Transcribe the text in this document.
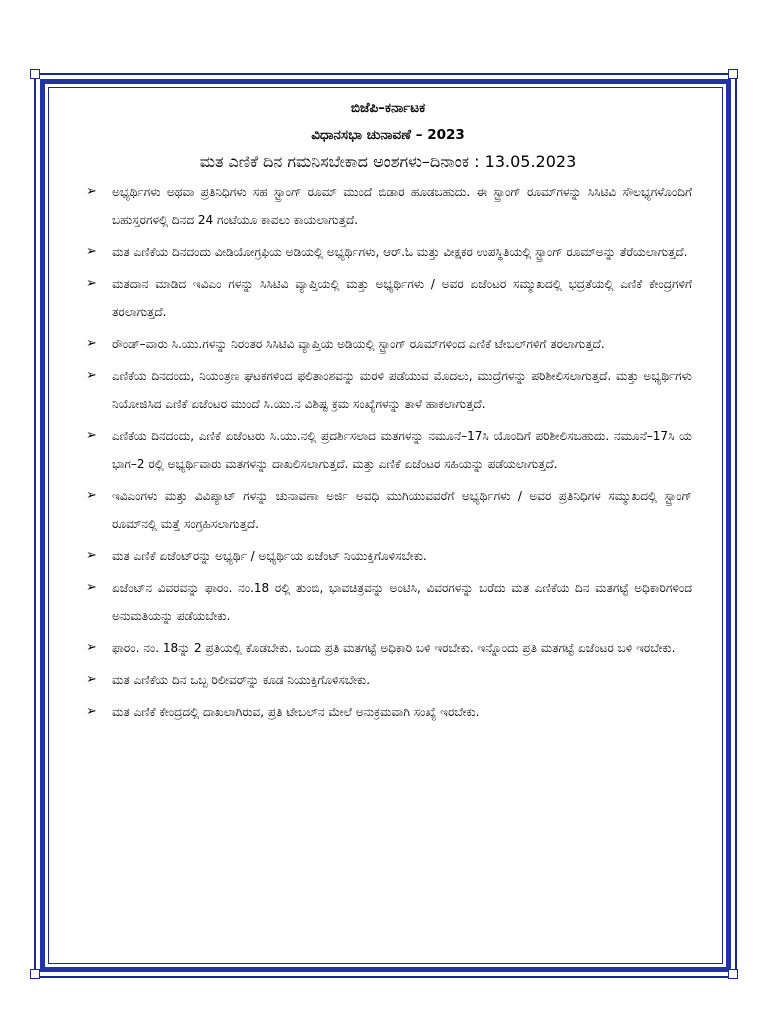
ಬಿಜೆಪಿ–ಕರ್ನಾಟಕ
ವಿಧಾನಸಭಾ ಚುನಾವಣೆ – 2023
ಮತ ಎಣಿಕೆ ದಿನ ಗಮನಿಸಬೇಕಾದ ಅಂಶಗಳು–ದಿನಾಂಕ : 13.05.2023
➢ ಅಭ್ಯರ್ಥಿಗಳು ಅಥವಾ ಪ್ರತಿನಿಧಿಗಳು ಸಹ ಸ್ಟ್ರಾಂಗ್ ರೂಮ್ ಮುಂದೆ ಬಿಡಾರ ಹೂಡಬಹುದು. ಈ ಸ್ಟ್ರಾಂಗ್ ರೂಮ್‌ಗಳನ್ನು ಸಿಸಿಟಿವಿ ಸೌಲಭ್ಯಗಳೊಂದಿಗೆ ಬಹುಸ್ತರಗಳಲ್ಲಿ ದಿನದ 24 ಗಂಟೆಯೂ ಕಾವಲು ಕಾಯಲಾಗುತ್ತದೆ.
➢ ಮತ ಎಣಿಕೆಯ ದಿನದಂದು ವೀಡಿಯೋಗ್ರಫಿಯ ಅಡಿಯಲ್ಲಿ ಅಭ್ಯರ್ಥಿಗಳು, ಆರ್.ಓ ಮತ್ತು ವೀಕ್ಷಕರ ಉಪಸ್ಥಿತಿಯಲ್ಲಿ ಸ್ಟ್ರಾಂಗ್ ರೂಮ್‌ಅನ್ನು ತೆರೆಯಲಾಗುತ್ತದೆ.
➢ ಮತದಾನ ಮಾಡಿದ ಇವಿಎಂ ಗಳನ್ನು ಸಿಸಿಟಿವಿ ವ್ಯಾಪ್ತಿಯಲ್ಲಿ ಮತ್ತು ಅಭ್ಯರ್ಥಿಗಳು / ಅವರ ಏಜೆಂಟರ ಸಮ್ಮುಖದಲ್ಲಿ ಭದ್ರತೆಯಲ್ಲಿ ಎಣಿಕೆ ಕೇಂದ್ರಗಳಿಗೆ ತರಲಾಗುತ್ತದೆ.
➢ ರೌಂಡ್–ವಾರು ಸಿ.ಯು.ಗಳನ್ನು ನಿರಂತರ ಸಿಸಿಟಿವಿ ವ್ಯಾಪ್ತಿಯ ಅಡಿಯಲ್ಲಿ ಸ್ಟ್ರಾಂಗ್ ರೂಮ್‌ಗಳಿಂದ ಎಣಿಕೆ ಟೇಬಲ್‌ಗಳಿಗೆ ತರಲಾಗುತ್ತದೆ.
➢ ಎಣಿಕೆಯ ದಿನದಂದು, ನಿಯಂತ್ರಣ ಘಟಕಗಳಿಂದ ಫಲಿತಾಂಶವನ್ನು ಮರಳಿ ಪಡೆಯುವ ಮೊದಲು, ಮುದ್ರೆಗಳನ್ನು ಪರಿಶೀಲಿಸಲಾಗುತ್ತದೆ. ಮತ್ತು ಅಭ್ಯರ್ಥಿಗಳು ನಿಯೋಜಿಸಿದ ಎಣಿಕೆ ಏಜೆಂಟರ ಮುಂದೆ ಸಿ.ಯು.ನ ವಿಶಿಷ್ಟ ಕ್ರಮ ಸಂಖ್ಯೆಗಳನ್ನು ತಾಳೆ ಹಾಕಲಾಗುತ್ತದೆ.
➢ ಎಣಿಕೆಯ ದಿನದಂದು, ಎಣಿಕೆ ಏಜೆಂಟರು ಸಿ.ಯು.ನಲ್ಲಿ ಪ್ರದರ್ಶಿಸಲಾದ ಮತಗಳನ್ನು ನಮೂನೆ–17ಸಿ ಯೊಂದಿಗೆ ಪರಿಶೀಲಿಸಬಹುದು. ನಮೂನೆ–17ಸಿ ಯ ಭಾಗ–2 ರಲ್ಲಿ ಅಭ್ಯರ್ಥಿವಾರು ಮತಗಳನ್ನು ದಾಖಲಿಸಲಾಗುತ್ತದೆ. ಮತ್ತು ಎಣಿಕೆ ಏಜೆಂಟರ ಸಹಿಯನ್ನು ಪಡೆಯಲಾಗುತ್ತದೆ.
➢ ಇವಿಎಂಗಳು ಮತ್ತು ವಿವಿಪ್ಯಾಟ್ ಗಳನ್ನು ಚುನಾವಣಾ ಅರ್ಜಿ ಅವಧಿ ಮುಗಿಯುವವರೆಗೆ ಅಭ್ಯರ್ಥಿಗಳು / ಅವರ ಪ್ರತಿನಿಧಿಗಳ ಸಮ್ಮುಖದಲ್ಲಿ ಸ್ಟ್ರಾಂಗ್ ರೂಮ್‌ನಲ್ಲಿ ಮತ್ತೆ ಸಂಗ್ರಹಿಸಲಾಗುತ್ತದೆ.
➢ ಮತ ಎಣಿಕೆ ಏಜೆಂಟ್‌ರನ್ನು ಅಭ್ಯರ್ಥಿ / ಅಭ್ಯರ್ಥಿಯ ಏಜೆಂಟ್ ನಿಯುಕ್ತಿಗೊಳಿಸಬೇಕು.
➢ ಏಜೆಂಟ್‌ನ ವಿವರವನ್ನು ಫಾರಂ. ನಂ.18 ರಲ್ಲಿ ತುಂಬಿ, ಭಾವಚಿತ್ರವನ್ನು ಅಂಟಿಸಿ, ವಿವರಗಳನ್ನು ಬರೆದು ಮತ ಎಣಿಕೆಯ ದಿನ ಮತಗಟ್ಟೆ ಅಧಿಕಾರಿಗಳಿಂದ ಅನುಮತಿಯನ್ನು ಪಡೆಯಬೇಕು.
➢ ಫಾರಂ. ನಂ. 18ನ್ನು 2 ಪ್ರತಿಯಲ್ಲಿ ಕೊಡಬೇಕು. ಒಂದು ಪ್ರತಿ ಮತಗಟ್ಟೆ ಅಧಿಕಾರಿ ಬಳಿ ಇರಬೇಕು. ಇನ್ನೊಂದು ಪ್ರತಿ ಮತಗಟ್ಟೆ ಏಜೆಂಟರ ಬಳಿ ಇರಬೇಕು.
➢ ಮತ ಎಣಿಕೆಯ ದಿನ ಒಬ್ಬ ರಿಲೀವರ್‌ನ್ನು ಕೂಡ ನಿಯುಕ್ತಿಗೊಳಿಸಬೇಕು.
➢ ಮತ ಎಣಿಕೆ ಕೇಂದ್ರದಲ್ಲಿ ದಾಖಲಾಗಿರುವ, ಪ್ರತಿ ಟೇಬಲ್‌ನ ಮೇಲೆ ಅನುಕ್ರಮವಾಗಿ ಸಂಖ್ಯೆ ಇರಬೇಕು.
